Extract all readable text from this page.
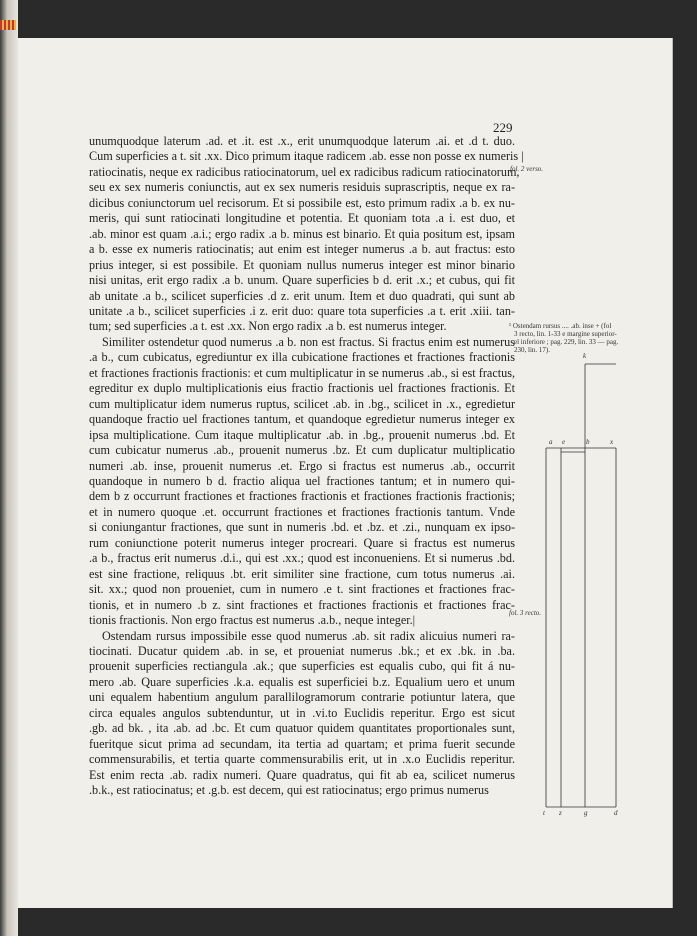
229
unumquodque laterum .ad. et .it. est .x., erit unumquodque laterum .ai. et .d t. duo.
Cum superficies a t. sit .xx. Dico primum itaque radicem .ab. esse non posse ex numeris |
ratiocinatis, neque ex radicibus ratiocinatorum, uel ex radicibus radicum ratiocinatorum,
seu ex sex numeris coniunctis, aut ex sex numeris residuis suprascriptis, neque ex ra-
dicibus coniunctorum uel recisorum. Et si possibile est, esto primum radix .a b. ex nu-
meris, qui sunt ratiocinati longitudine et potentia. Et quoniam tota .a i. est duo, et
.ab. minor est quam .a.i.; ergo radix .a b. minus est binario. Et quia positum est, ipsam
a b. esse ex numeris ratiocinatis; aut enim est integer numerus .a b. aut fractus: esto
prius integer, si est possibile. Et quoniam nullus numerus integer est minor binario
nisi unitas, erit ergo radix .a b. unum. Quare superficies b d. erit .x.; et cubus, qui fit
ab unitate .a b., scilicet superficies .d z. erit unum. Item et duo quadrati, qui sunt ab
unitate .a b., scilicet superficies .i z. erit duo: quare tota superficies .a t. erit .xiii. tan-
tum; sed superficies .a t. est .xx. Non ergo radix .a b. est numerus integer.
Similiter ostendetur quod numerus .a b. non est fractus. Si fractus enim est numerus
.a b., cum cubicatus, egrediuntur ex illa cubicatione fractiones et fractiones fractionis
et fractiones fractionis fractionis: et cum multiplicatur in se numerus .ab., si est fractus,
egreditur ex duplo multiplicationis eius fractio fractionis uel fractiones fractionis. Et
cum multiplicatur idem numerus ruptus, scilicet .ab. in .bg., scilicet in .x., egredietur
quandoque fractio uel fractiones tantum, et quandoque egredietur numerus integer ex
ipsa multiplicatione. Cum itaque multiplicatur .ab. in .bg., prouenit numerus .bd. Et
cum cubicatur numerus .ab., prouenit numerus .bz. Et cum duplicatur multiplicatio
numeri .ab. inse, prouenit numerus .et. Ergo si fractus est numerus .ab., occurrit
quandoque in numero b d. fractio aliqua uel fractiones tantum; et in numero qui-
dem b z occurrunt fractiones et fractiones fractionis et fractiones fractionis fractionis;
et in numero quoque .et. occurrunt fractiones et fractiones fractionis tantum. Vnde
si coniungantur fractiones, que sunt in numeris .bd. et .bz. et .zi., nunquam ex ipso-
rum coniunctione poterit numerus integer procreari. Quare si fractus est numerus
.a b., fractus erit numerus .d.i., qui est .xx.; quod est inconueniens. Et si numerus .bd.
est sine fractione, reliquus .bt. erit similiter sine fractione, cum totus numerus .ai.
sit. xx.; quod non proueniet, cum in numero .e t. sint fractiones et fractiones frac-
tionis, et in numero .b z. sint fractiones et fractiones fractionis et fractiones frac-
tionis fractionis. Non ergo fractus est numerus .a.b., neque integer.|
Ostendam rursus impossibile esse quod numerus .ab. sit radix alicuius numeri ra-
tiocinati. Ducatur quidem .ab. in se, et proueniat numerus .bk.; et ex .bk. in .ba.
prouenit superficies rectiangula .ak.; que superficies est equalis cubo, qui fit á nu-
mero .ab. Quare superficies .k.a. equalis est superficiei b.z. Equalium uero et unum
uni equalem habentium angulum parallilogramorum contrarie potiuntur latera, que
circa equales angulos subtenduntur, ut in .vi.to Euclidis reperitur. Ergo est sicut
.gb. ad bk. , ita .ab. ad .bc. Et cum quatuor quidem quantitates proportionales sunt,
fueritque sicut prima ad secundam, ita tertia ad quartam; et prima fuerit secunde
commensurabilis, et tertia quarte commensurabilis erit, ut in .x.o Euclidis reperitur.
Est enim recta .ab. radix numeri. Quare quadratus, qui fit ab ea, scilicet numerus
.b.k., est ratiocinatus; et .g.b. est decem, qui est ratiocinatus; ergo primus numerus
fol. 2 verso.
¹ Ostendam rursus .... .ab. inse + (fol
3 recto, lin. 1-33 e margine superior-
el inferiore ; pag. 229, lin. 33 — pag.
230, lin. 17).
fol. 3 recto.
k
a e	b	x
t z	g	d
